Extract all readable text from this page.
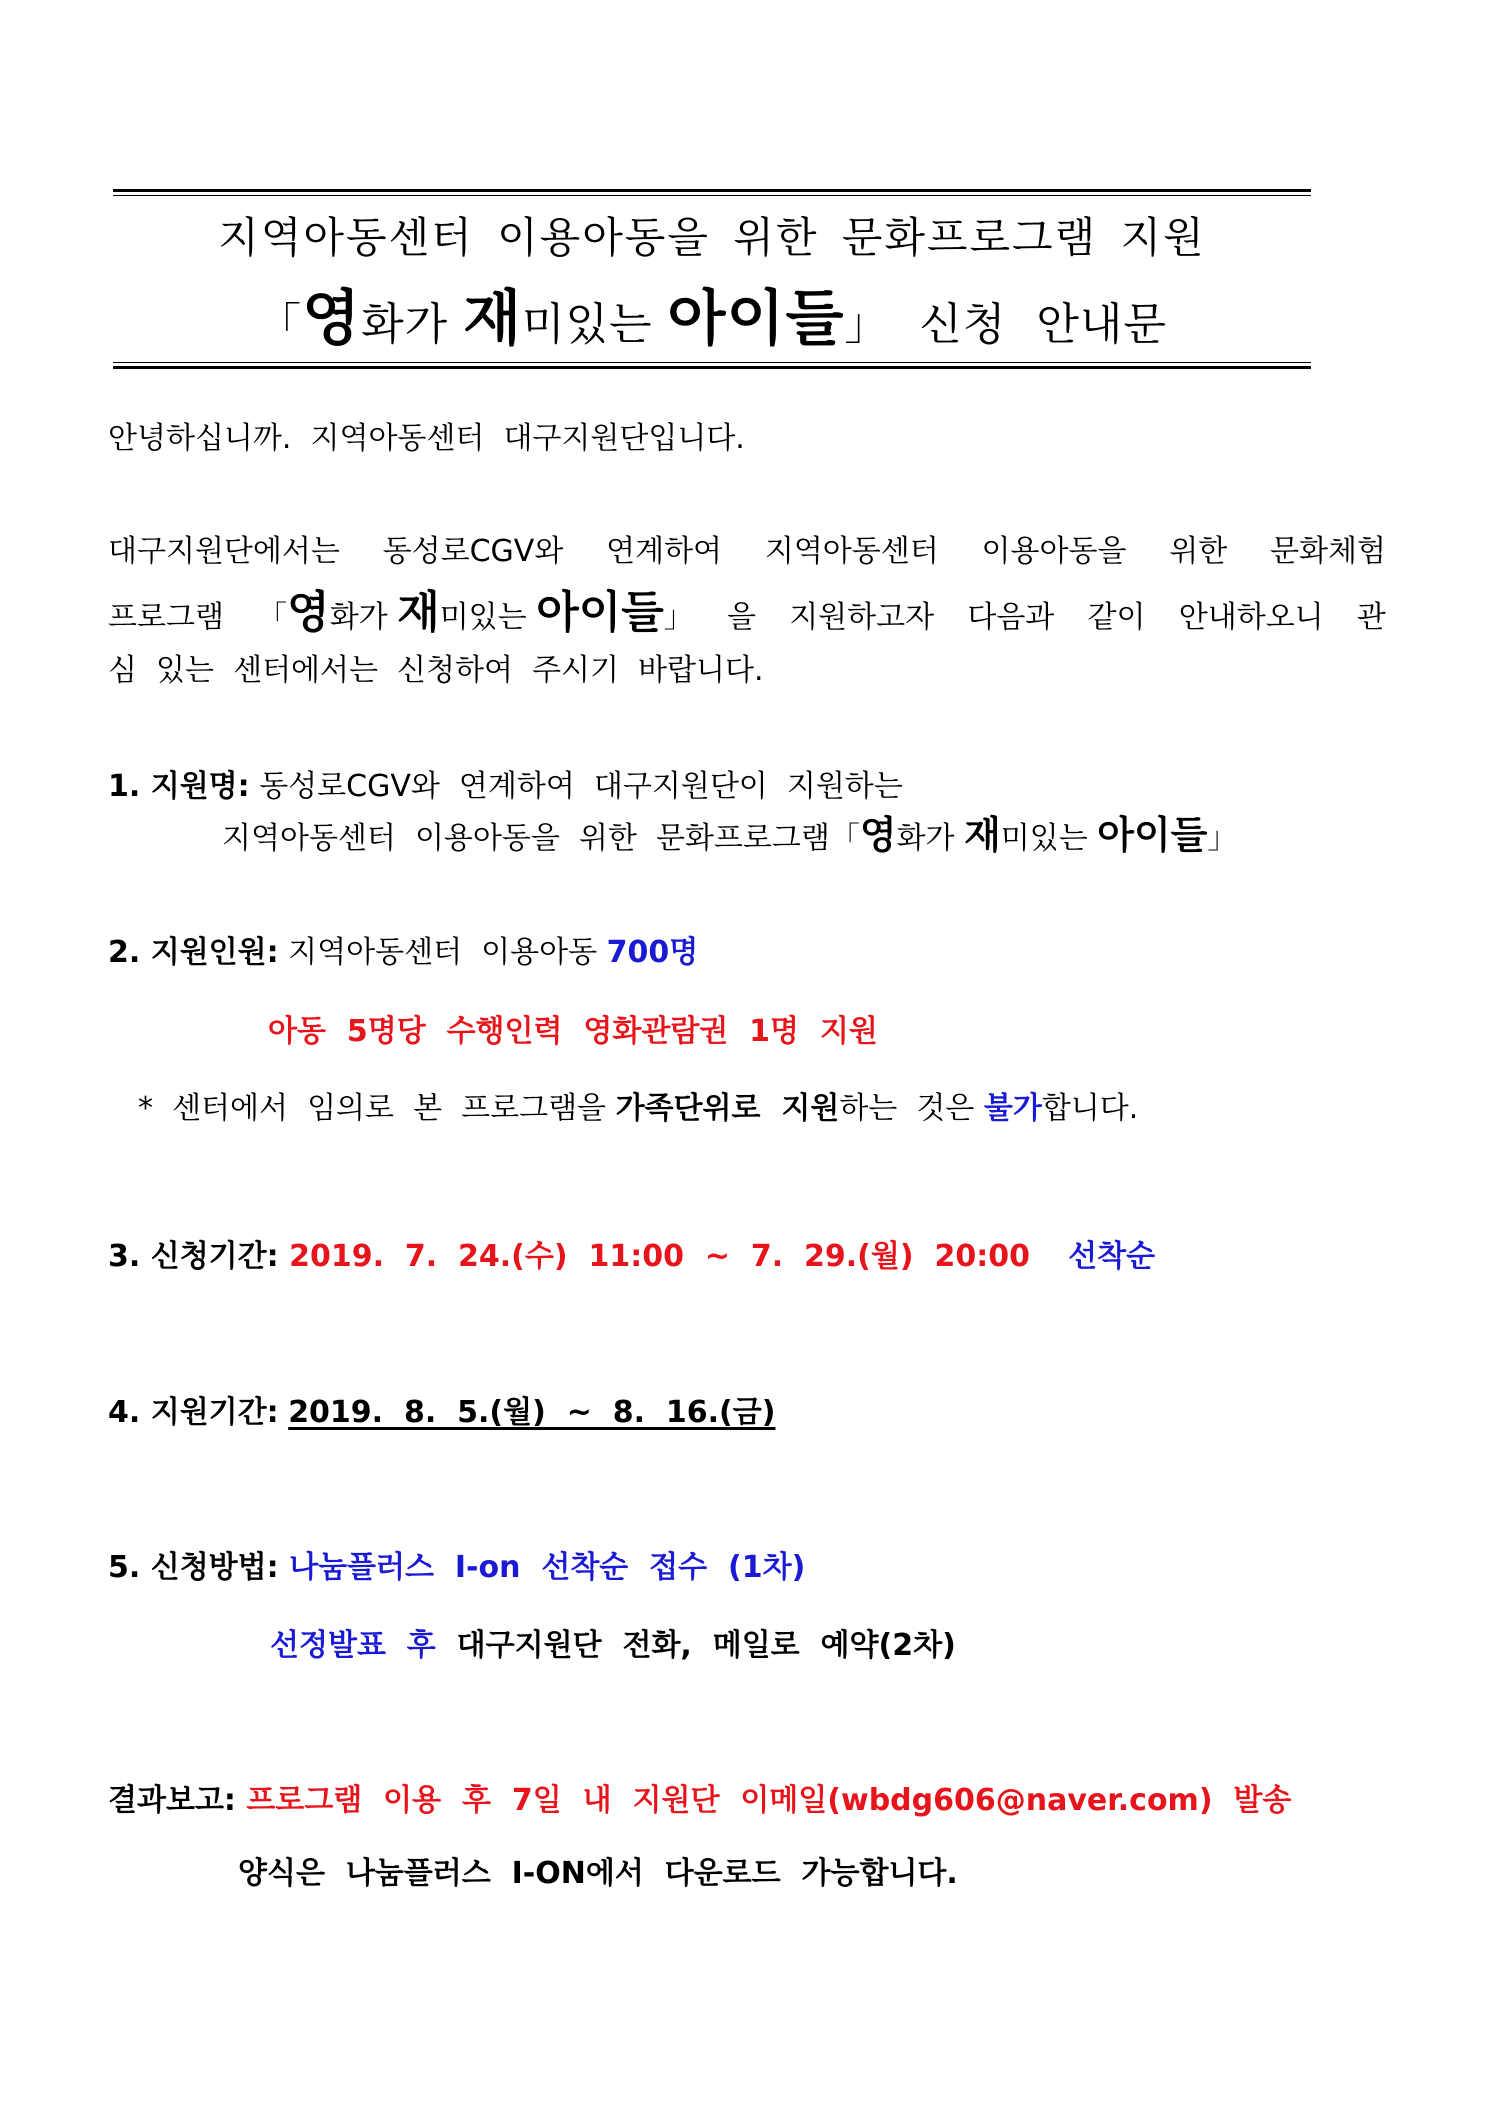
지역아동센터 이용아동을 위한 문화프로그램 지원
「영화가 재미있는 아이들」  신청  안내문
안녕하십니까.  지역아동센터  대구지원단입니다.
대구지원단에서는 동성로CGV와 연계하여 지역아동센터 이용아동을 위한 문화체험
프로그램 「영화가 재미있는 아이들」 을 지원하고자 다음과 같이 안내하오니 관
심  있는  센터에서는  신청하여  주시기  바랍니다.
1. 지원명: 동성로CGV와  연계하여  대구지원단이  지원하는
지역아동센터  이용아동을  위한  문화프로그램「영화가 재미있는 아이들」
2. 지원인원: 지역아동센터  이용아동 700명
아동  5명당  수행인력  영화관람권  1명  지원
*  센터에서  임의로  본  프로그램을 가족단위로  지원하는  것은 불가합니다.
3. 신청기간: 2019.  7.  24.(수)  11:00  ~  7.  29.(월)  20:00 선착순
4. 지원기간: 2019.  8.  5.(월)  ~  8.  16.(금)
5. 신청방법: 나눔플러스  I-on  선착순  접수  (1차)
선정발표  후  대구지원단  전화,  메일로  예약(2차)
결과보고: 프로그램  이용  후  7일  내  지원단  이메일(wbdg606@naver.com)  발송
양식은  나눔플러스  I-ON에서  다운로드  가능합니다.
